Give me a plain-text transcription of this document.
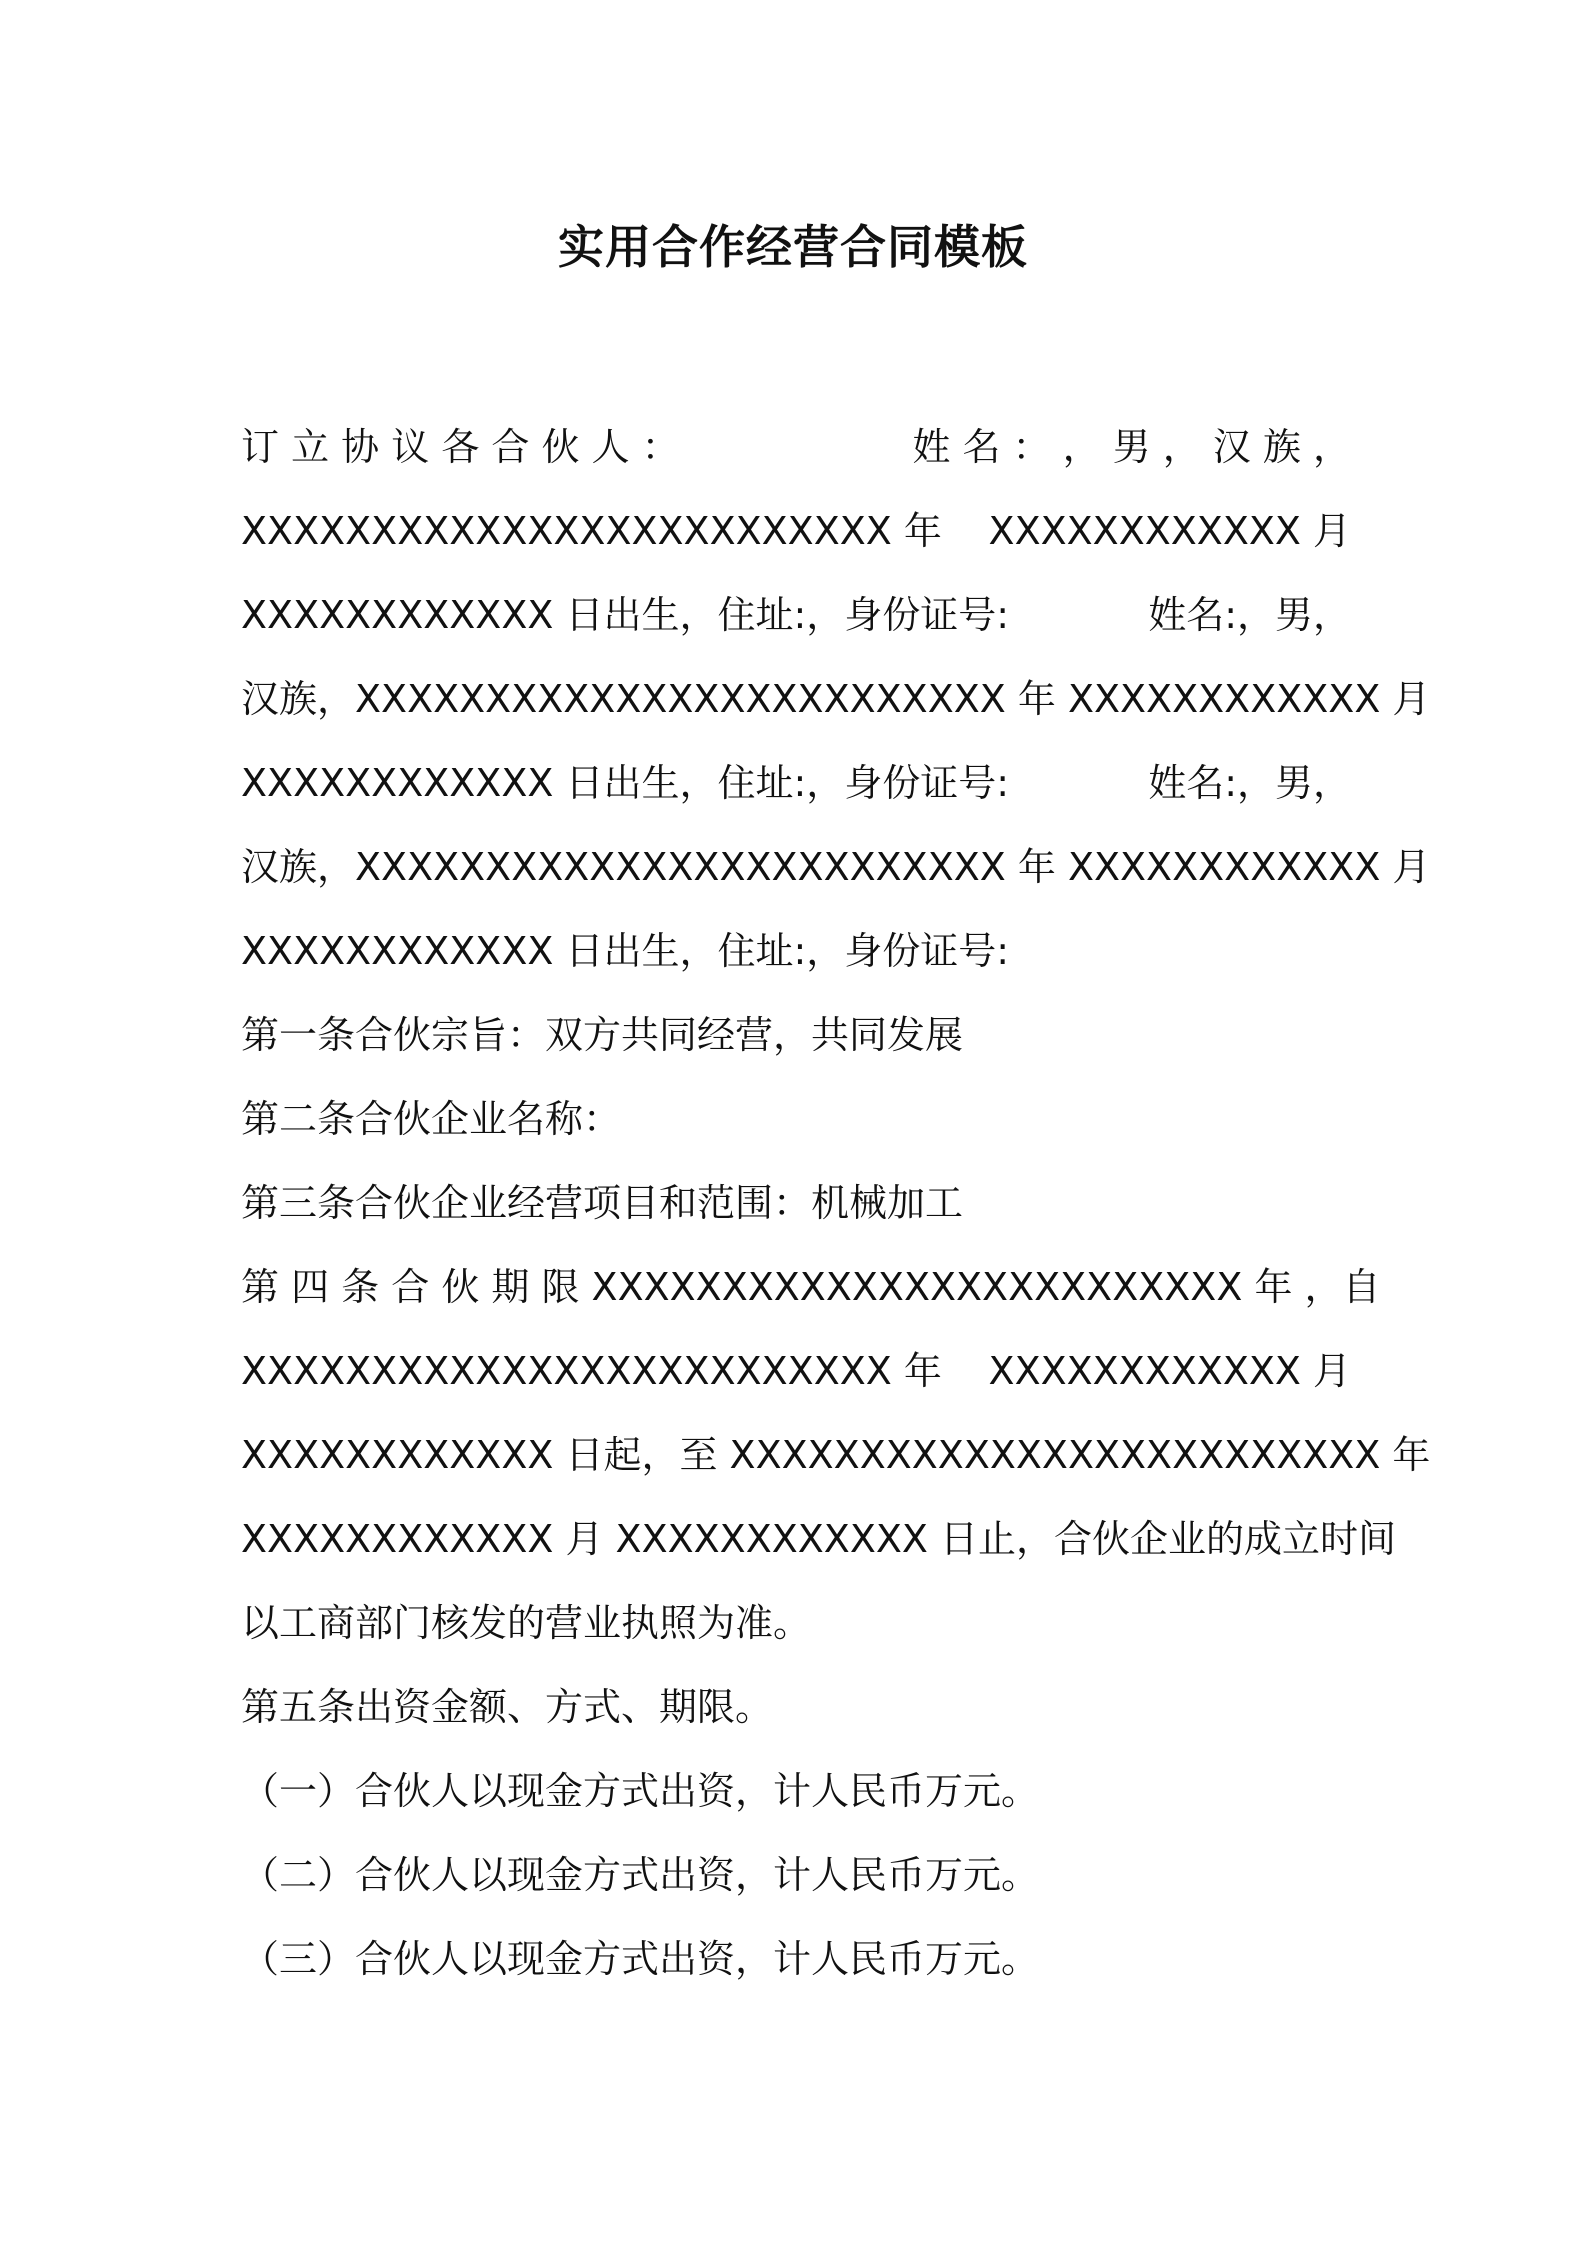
实用合作经营合同模板
订 立 协 议 各 合 伙 人 ：	姓 名 ： ， 男 ， 汉 族 ，
XXXXXXXXXXXXXXXXXXXXXXXXX 年 XXXXXXXXXXXX 月
XXXXXXXXXXXX 日出生，住址:，身份证号:	姓名:，男，
汉族，XXXXXXXXXXXXXXXXXXXXXXXXX 年 XXXXXXXXXXXX 月
XXXXXXXXXXXX 日出生，住址:，身份证号:	姓名:，男，
汉族，XXXXXXXXXXXXXXXXXXXXXXXXX 年 XXXXXXXXXXXX 月
XXXXXXXXXXXX 日出生，住址:，身份证号:
第一条合伙宗旨：双方共同经营，共同发展
第二条合伙企业名称：
第三条合伙企业经营项目和范围：机械加工
第 四 条 合 伙 期 限 XXXXXXXXXXXXXXXXXXXXXXXXX 年 ， 自
XXXXXXXXXXXXXXXXXXXXXXXXX 年 XXXXXXXXXXXX 月
XXXXXXXXXXXX 日起，至 XXXXXXXXXXXXXXXXXXXXXXXXX 年
XXXXXXXXXXXX 月 XXXXXXXXXXXX 日止，合伙企业的成立时间
以工商部门核发的营业执照为准。
第五条出资金额、方式、期限。
（一）合伙人以现金方式出资，计人民币万元。
（二）合伙人以现金方式出资，计人民币万元。
（三）合伙人以现金方式出资，计人民币万元。
